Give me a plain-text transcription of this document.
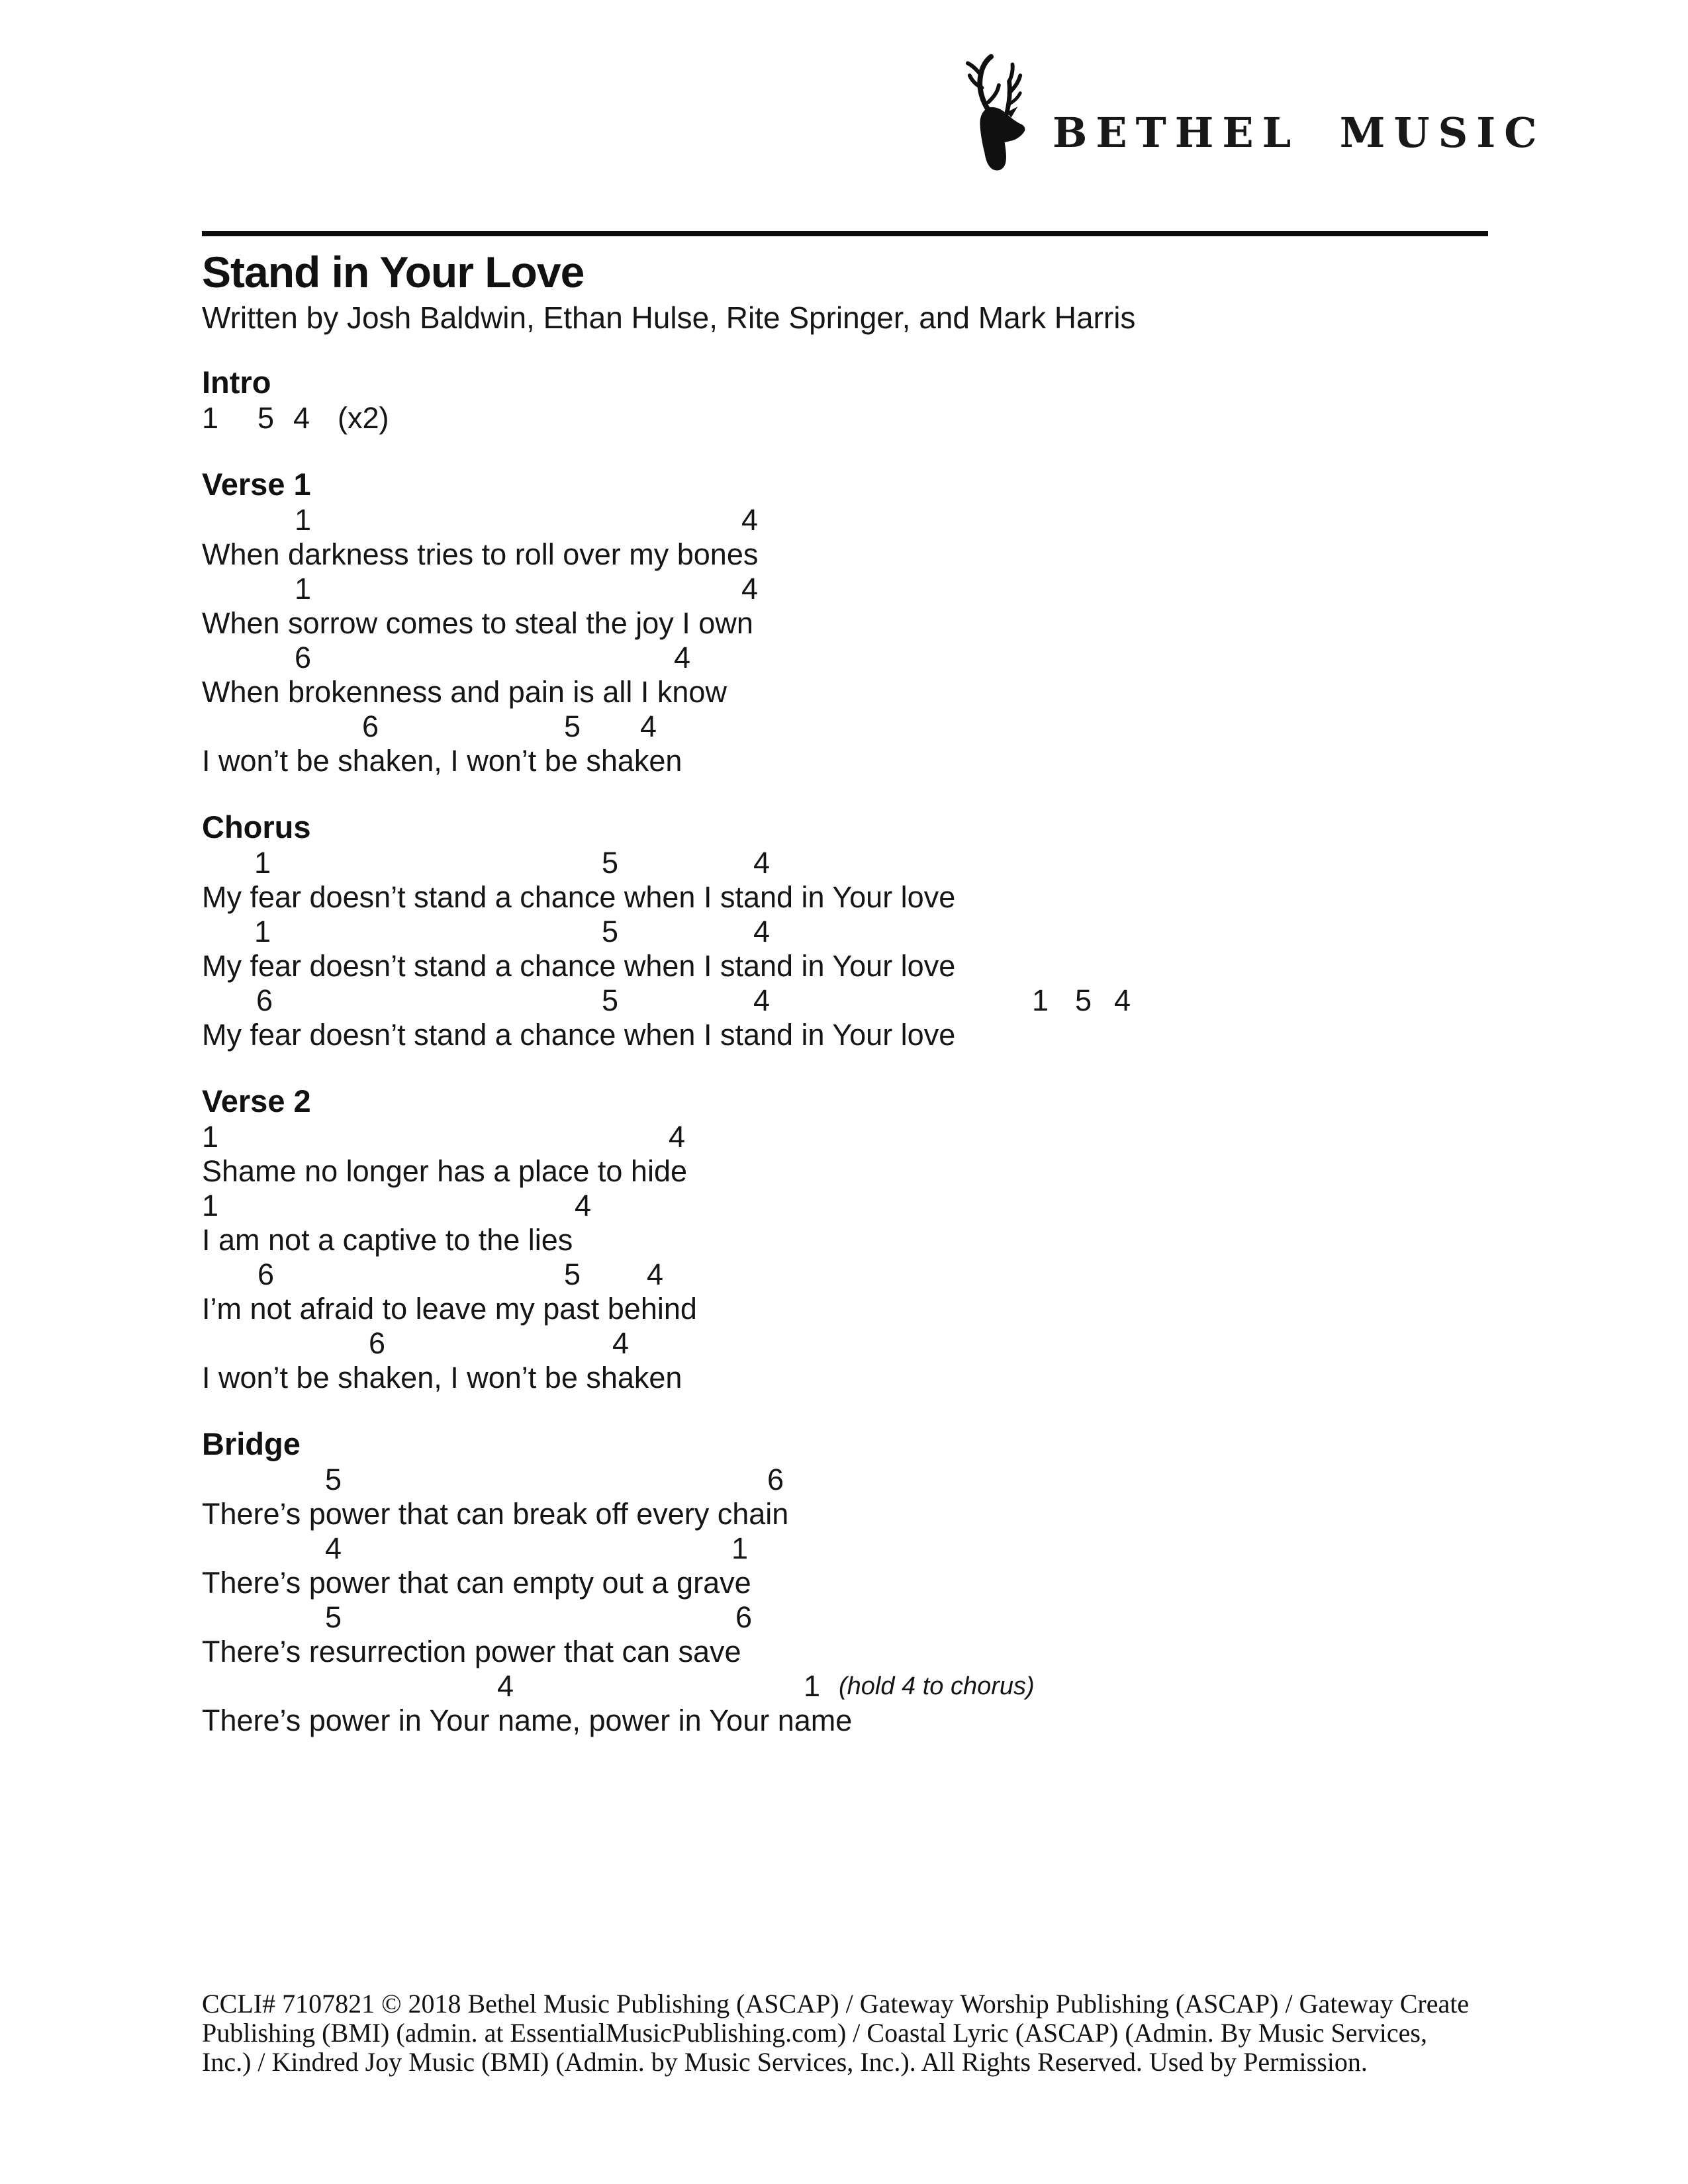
BETHEL MUSIC
Stand in Your Love
Written by Josh Baldwin, Ethan Hulse, Rite Springer, and Mark Harris
Intro
1 5 4 (x2)
Verse 1
1	4
When darkness tries to roll over my bones
1	4
When sorrow comes to steal the joy I own
6	4
When brokenness and pain is all I know
6	5 4
I won’t be shaken, I won’t be shaken
Chorus
1	5	4
My fear doesn’t stand a chance when I stand in Your love
1	5	4
My fear doesn’t stand a chance when I stand in Your love
6	5	4	1 5 4
My fear doesn’t stand a chance when I stand in Your love
Verse 2
1	4
Shame no longer has a place to hide
1	4
I am not a captive to the lies
6	5 4
I’m not afraid to leave my past behind
6	4
I won’t be shaken, I won’t be shaken
Bridge
5	6
There’s power that can break off every chain
4	1
There’s power that can empty out a grave
5	6
There’s resurrection power that can save
4	1 (hold 4 to chorus)
There’s power in Your name, power in Your name
CCLI# 7107821 © 2018 Bethel Music Publishing (ASCAP) / Gateway Worship Publishing (ASCAP) / Gateway Create
Publishing (BMI) (admin. at EssentialMusicPublishing.com) / Coastal Lyric (ASCAP) (Admin. By Music Services,
Inc.) / Kindred Joy Music (BMI) (Admin. by Music Services, Inc.). All Rights Reserved. Used by Permission.
